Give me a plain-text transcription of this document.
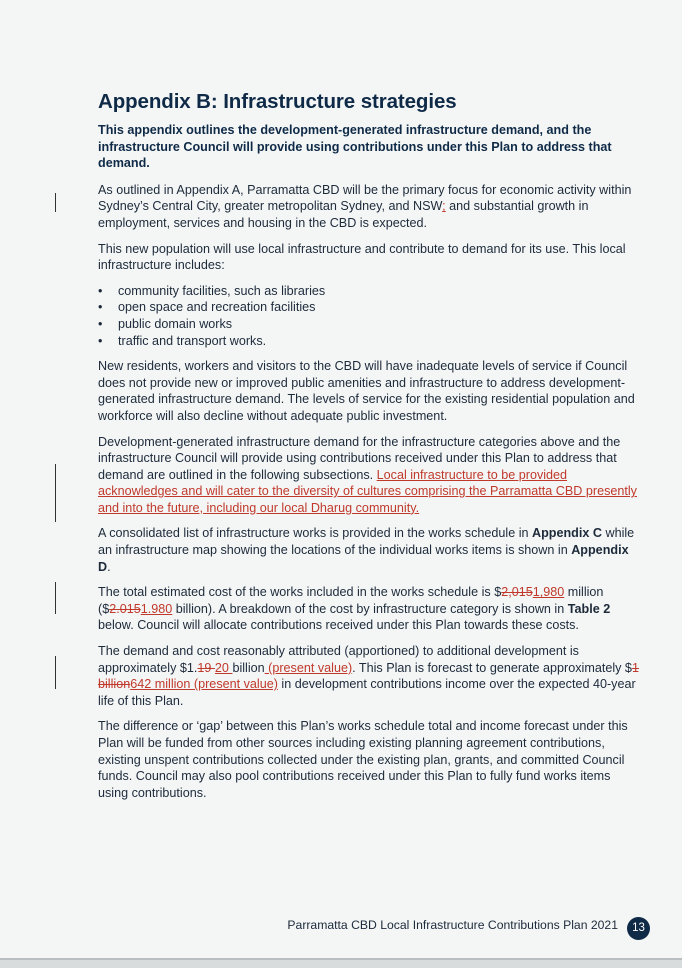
Appendix B: Infrastructure strategies

This appendix outlines the development-generated infrastructure demand, and the infrastructure Council will provide using contributions under this Plan to address that demand.

As outlined in Appendix A, Parramatta CBD will be the primary focus for economic activity within Sydney’s Central City, greater metropolitan Sydney, and NSW; and substantial growth in employment, services and housing in the CBD is expected.

This new population will use local infrastructure and contribute to demand for its use. This local infrastructure includes:

• community facilities, such as libraries
• open space and recreation facilities
• public domain works
• traffic and transport works.

New residents, workers and visitors to the CBD will have inadequate levels of service if Council does not provide new or improved public amenities and infrastructure to address development-generated infrastructure demand. The levels of service for the existing residential population and workforce will also decline without adequate public investment.

Development-generated infrastructure demand for the infrastructure categories above and the infrastructure Council will provide using contributions received under this Plan to address that demand are outlined in the following subsections. Local infrastructure to be provided acknowledges and will cater to the diversity of cultures comprising the Parramatta CBD presently and into the future, including our local Dharug community.

A consolidated list of infrastructure works is provided in the works schedule in Appendix C while an infrastructure map showing the locations of the individual works items is shown in Appendix D.

The total estimated cost of the works included in the works schedule is $2,0151,980 million ($2.0151.980 billion). A breakdown of the cost by infrastructure category is shown in Table 2 below. Council will allocate contributions received under this Plan towards these costs.

The demand and cost reasonably attributed (apportioned) to additional development is approximately $1.19 20 billion (present value). This Plan is forecast to generate approximately $1 billion642 million (present value) in development contributions income over the expected 40-year life of this Plan.

The difference or ‘gap’ between this Plan’s works schedule total and income forecast under this Plan will be funded from other sources including existing planning agreement contributions, existing unspent contributions collected under the existing plan, grants, and committed Council funds. Council may also pool contributions received under this Plan to fully fund works items using contributions.

Parramatta CBD Local Infrastructure Contributions Plan 2021	13
